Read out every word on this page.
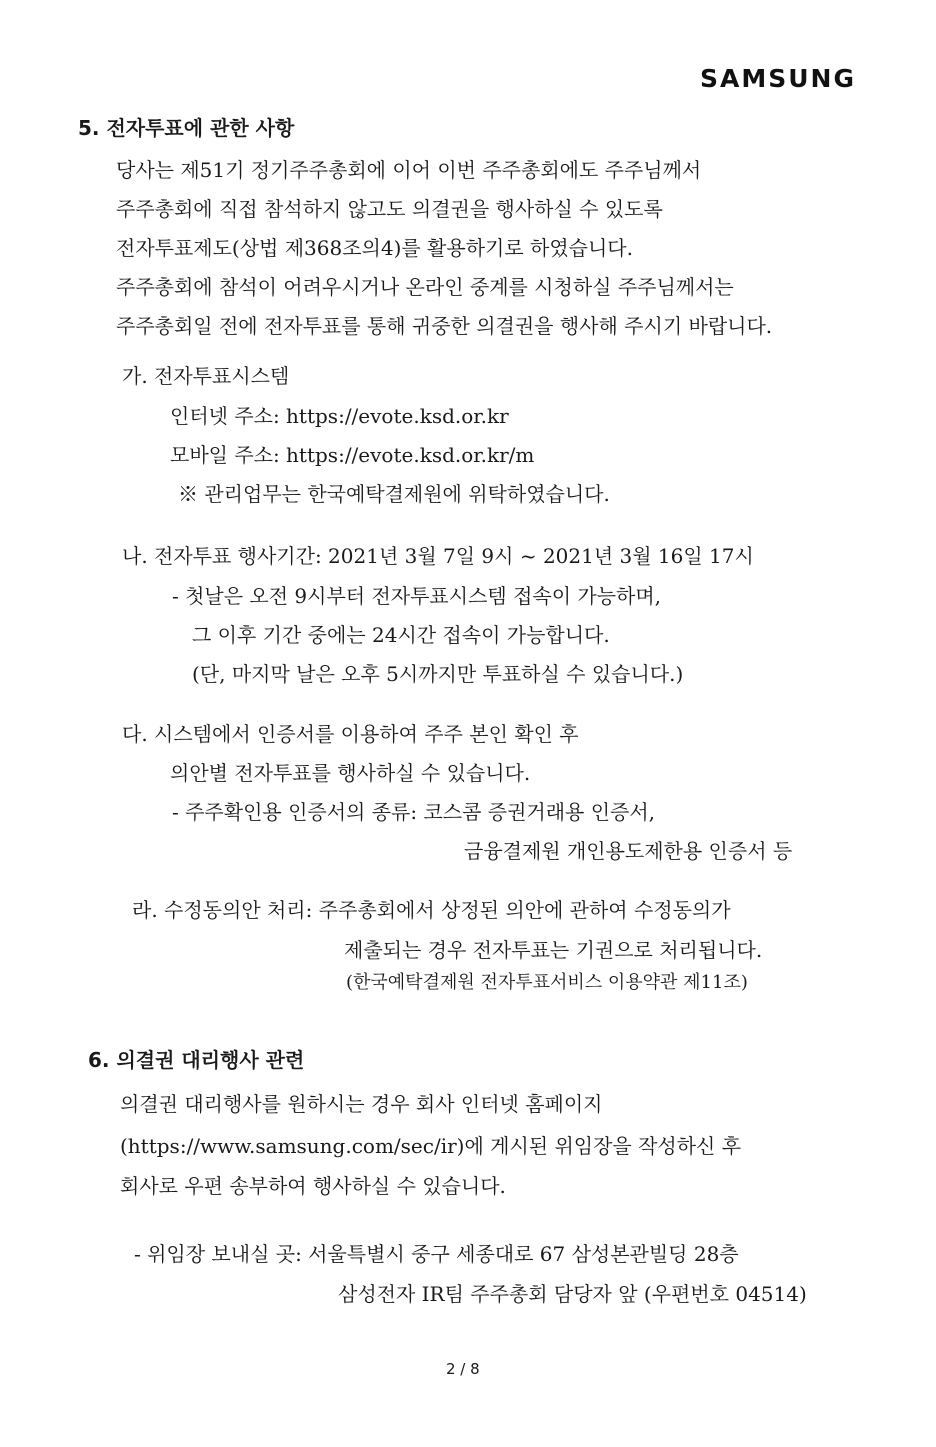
SAMSUNG
5. 전자투표에 관한 사항
당사는 제51기 정기주주총회에 이어 이번 주주총회에도 주주님께서
주주총회에 직접 참석하지 않고도 의결권을 행사하실 수 있도록
전자투표제도(상법 제368조의4)를 활용하기로 하였습니다.
주주총회에 참석이 어려우시거나 온라인 중계를 시청하실 주주님께서는
주주총회일 전에 전자투표를 통해 귀중한 의결권을 행사해 주시기 바랍니다.
가. 전자투표시스템
인터넷 주소: https://evote.ksd.or.kr
모바일 주소: https://evote.ksd.or.kr/m
※ 관리업무는 한국예탁결제원에 위탁하였습니다.
나. 전자투표 행사기간: 2021년 3월 7일 9시 ~ 2021년 3월 16일 17시
- 첫날은 오전 9시부터 전자투표시스템 접속이 가능하며,
그 이후 기간 중에는 24시간 접속이 가능합니다.
(단, 마지막 날은 오후 5시까지만 투표하실 수 있습니다.)
다. 시스템에서 인증서를 이용하여 주주 본인 확인 후
의안별 전자투표를 행사하실 수 있습니다.
- 주주확인용 인증서의 종류: 코스콤 증권거래용 인증서,
금융결제원 개인용도제한용 인증서 등
라. 수정동의안 처리: 주주총회에서 상정된 의안에 관하여 수정동의가
제출되는 경우 전자투표는 기권으로 처리됩니다.
(한국예탁결제원 전자투표서비스 이용약관 제11조)
6. 의결권 대리행사 관련
의결권 대리행사를 원하시는 경우 회사 인터넷 홈페이지
(https://www.samsung.com/sec/ir)에 게시된 위임장을 작성하신 후
회사로 우편 송부하여 행사하실 수 있습니다.
- 위임장 보내실 곳: 서울특별시 중구 세종대로 67 삼성본관빌딩 28층
삼성전자 IR팀 주주총회 담당자 앞 (우편번호 04514)
2 / 8
